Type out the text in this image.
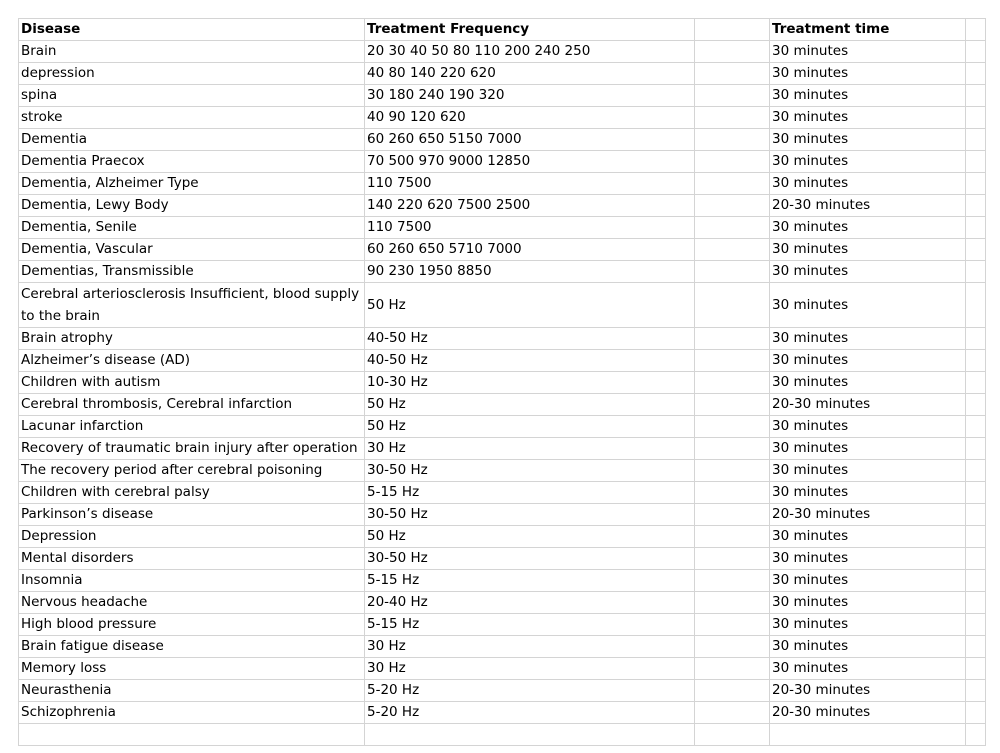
Disease	Treatment Frequency		Treatment time	
Brain	20 30 40 50 80 110 200 240 250		30 minutes	
depression	40 80 140 220 620		30 minutes	
spina	30 180 240 190 320		30 minutes	
stroke	40 90 120 620		30 minutes	
Dementia	60 260 650 5150 7000		30 minutes	
Dementia Praecox	70 500 970 9000 12850		30 minutes	
Dementia, Alzheimer Type	110 7500		30 minutes	
Dementia, Lewy Body	140 220 620 7500 2500		20-30 minutes	
Dementia, Senile	110 7500		30 minutes	
Dementia, Vascular	60 260 650 5710 7000		30 minutes	
Dementias, Transmissible	90 230 1950 8850		30 minutes	
Cerebral arteriosclerosis Insufficient, blood supply to the brain	50 Hz		30 minutes	
Brain atrophy	40-50 Hz		30 minutes	
Alzheimer’s disease (AD)	40-50 Hz		30 minutes	
Children with autism	10-30 Hz		30 minutes	
Cerebral thrombosis, Cerebral infarction	50 Hz		20-30 minutes	
Lacunar infarction	50 Hz		30 minutes	
Recovery of traumatic brain injury after operation	30 Hz		30 minutes	
The recovery period after cerebral poisoning	30-50 Hz		30 minutes	
Children with cerebral palsy	5-15 Hz		30 minutes	
Parkinson’s disease	30-50 Hz		20-30 minutes	
Depression	50 Hz		30 minutes	
Mental disorders	30-50 Hz		30 minutes	
Insomnia	5-15 Hz		30 minutes	
Nervous headache	20-40 Hz		30 minutes	
High blood pressure	5-15 Hz		30 minutes	
Brain fatigue disease	30 Hz		30 minutes	
Memory loss	30 Hz		30 minutes	
Neurasthenia	5-20 Hz		20-30 minutes	
Schizophrenia	5-20 Hz		20-30 minutes	
